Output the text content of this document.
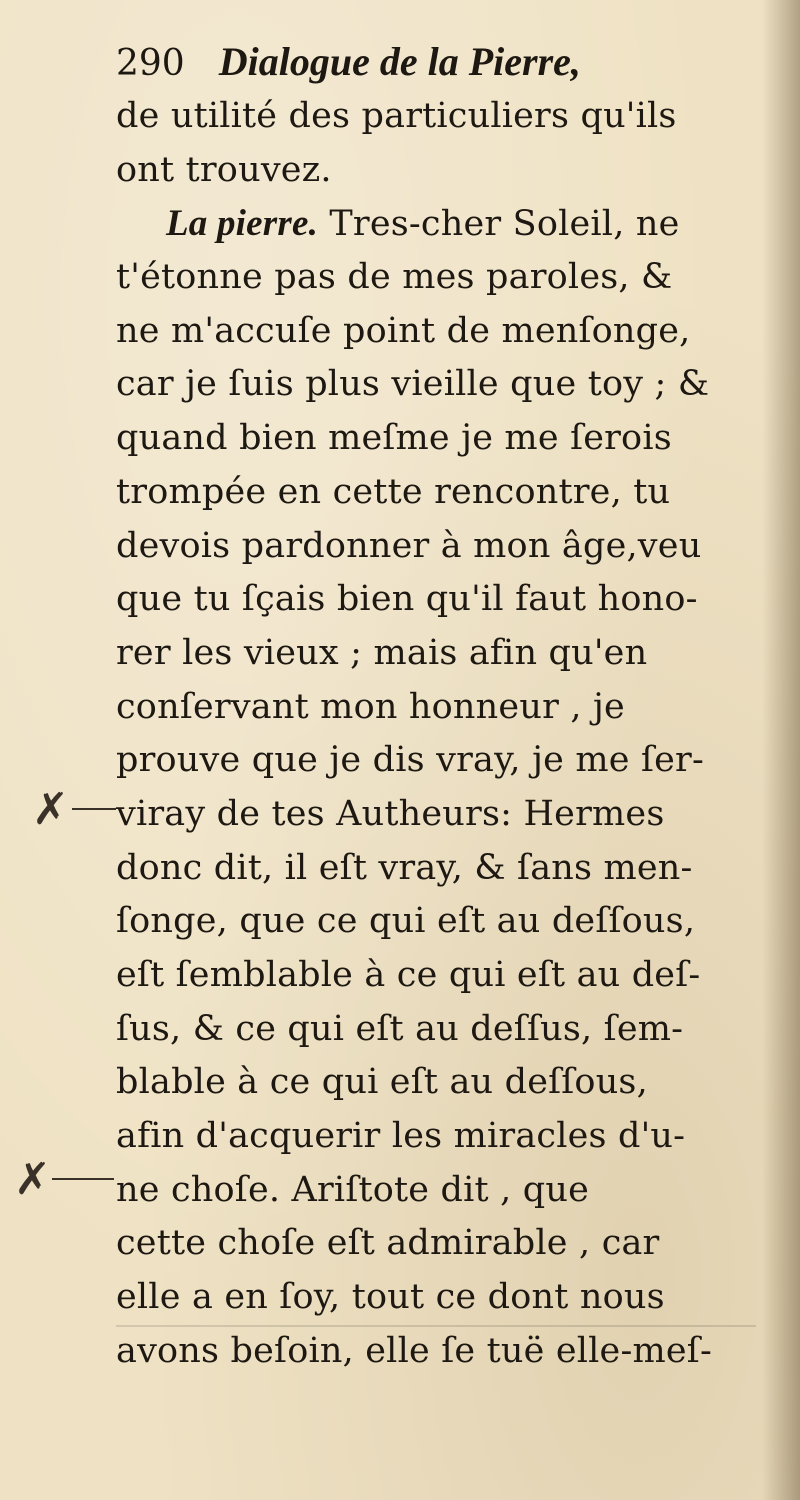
290 Dialogue de la Pierre,
de utilité des particuliers qu'ils
ont trouvez.
La pierre. Tres-cher Soleil, ne
t'étonne pas de mes paroles, &
ne m'accuſe point de menſonge,
car je ſuis plus vieille que toy ; &
quand bien meſme je me ſerois
trompée en cette rencontre, tu
devois pardonner à mon âge,veu
que tu ſçais bien qu'il faut hono-
rer les vieux ; mais afin qu'en
conſervant mon honneur , je
prouve que je dis vray, je me ſer-
viray de tes Autheurs: Hermes
donc dit, il eſt vray, & ſans men-
ſonge, que ce qui eſt au deſſous,
eſt ſemblable à ce qui eſt au deſ-
ſus, & ce qui eſt au deſſus, ſem-
blable à ce qui eſt au deſſous,
afin d'acquerir les miracles d'u-
ne choſe. Ariſtote dit , que
cette choſe eſt admirable , car
elle a en ſoy, tout ce dont nous
avons beſoin, elle ſe tuë elle-meſ-
✗
✗
